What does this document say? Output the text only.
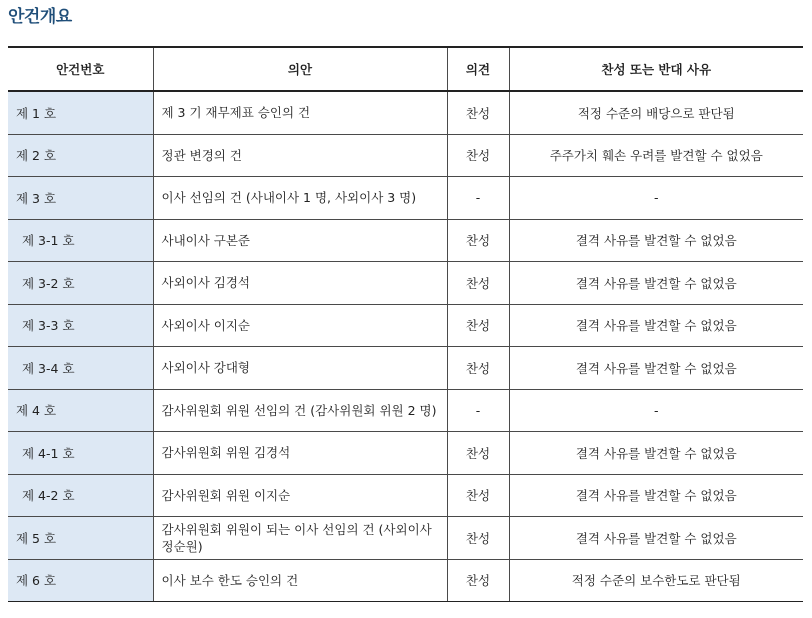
안건개요
안건번호	의안	의견	찬성 또는 반대 사유
제 1 호	제 3 기 재무제표 승인의 건	찬성	적정 수준의 배당으로 판단됨
제 2 호	정관 변경의 건	찬성	주주가치 훼손 우려를 발견할 수 없었음
제 3 호	이사 선임의 건 (사내이사 1 명, 사외이사 3 명)	-	-
제 3-1 호	사내이사 구본준	찬성	결격 사유를 발견할 수 없었음
제 3-2 호	사외이사 김경석	찬성	결격 사유를 발견할 수 없었음
제 3-3 호	사외이사 이지순	찬성	결격 사유를 발견할 수 없었음
제 3-4 호	사외이사 강대형	찬성	결격 사유를 발견할 수 없었음
제 4 호	감사위원회 위원 선임의 건 (감사위원회 위원 2 명)	-	-
제 4-1 호	감사위원회 위원 김경석	찬성	결격 사유를 발견할 수 없었음
제 4-2 호	감사위원회 위원 이지순	찬성	결격 사유를 발견할 수 없었음
제 5 호	감사위원회 위원이 되는 이사 선임의 건 (사외이사 정순원)	찬성	결격 사유를 발견할 수 없었음
제 6 호	이사 보수 한도 승인의 건	찬성	적정 수준의 보수한도로 판단됨
